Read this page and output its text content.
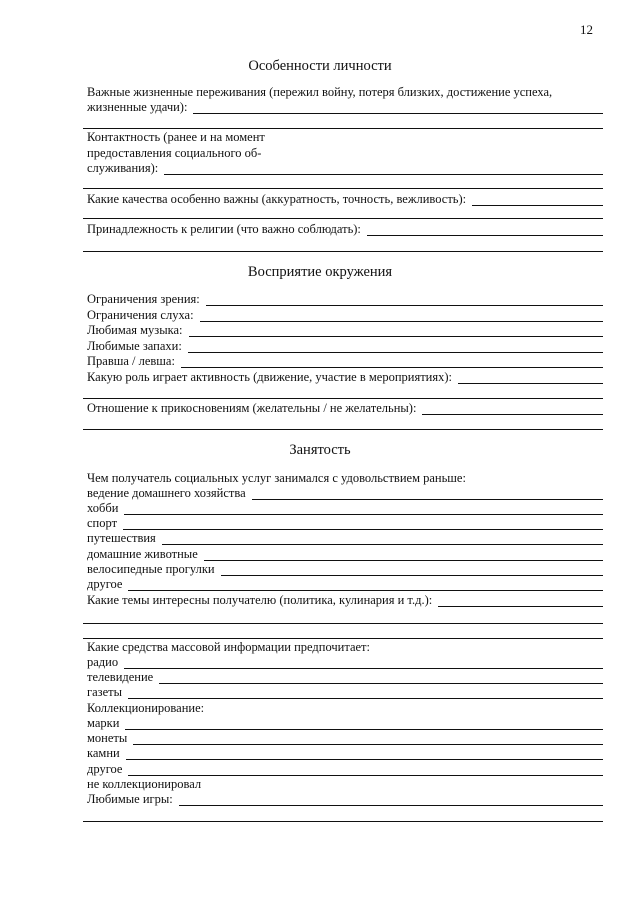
12
Особенности личности
Важные жизненные переживания (пережил войну, потеря близких, достижение успеха,
жизненные удачи):
Контактность (ранее и на момент
предоставления социального об-
служивания):
Какие качества особенно важны (аккуратность, точность, вежливость):
Принадлежность к религии (что важно соблюдать):
Восприятие окружения
Ограничения зрения:
Ограничения слуха:
Любимая музыка:
Любимые запахи:
Правша / левша:
Какую роль играет активность (движение, участие в мероприятиях):
Отношение к прикосновениям (желательны / не желательны):
Занятость
Чем получатель социальных услуг занимался с удовольствием раньше:
ведение домашнего хозяйства
хобби
спорт
путешествия
домашние животные
велосипедные прогулки
другое
Какие темы интересны получателю (политика, кулинария и т.д.):
Какие средства массовой информации предпочитает:
радио
телевидение
газеты
Коллекционирование:
марки
монеты
камни
другое
не коллекционировал
Любимые игры:
